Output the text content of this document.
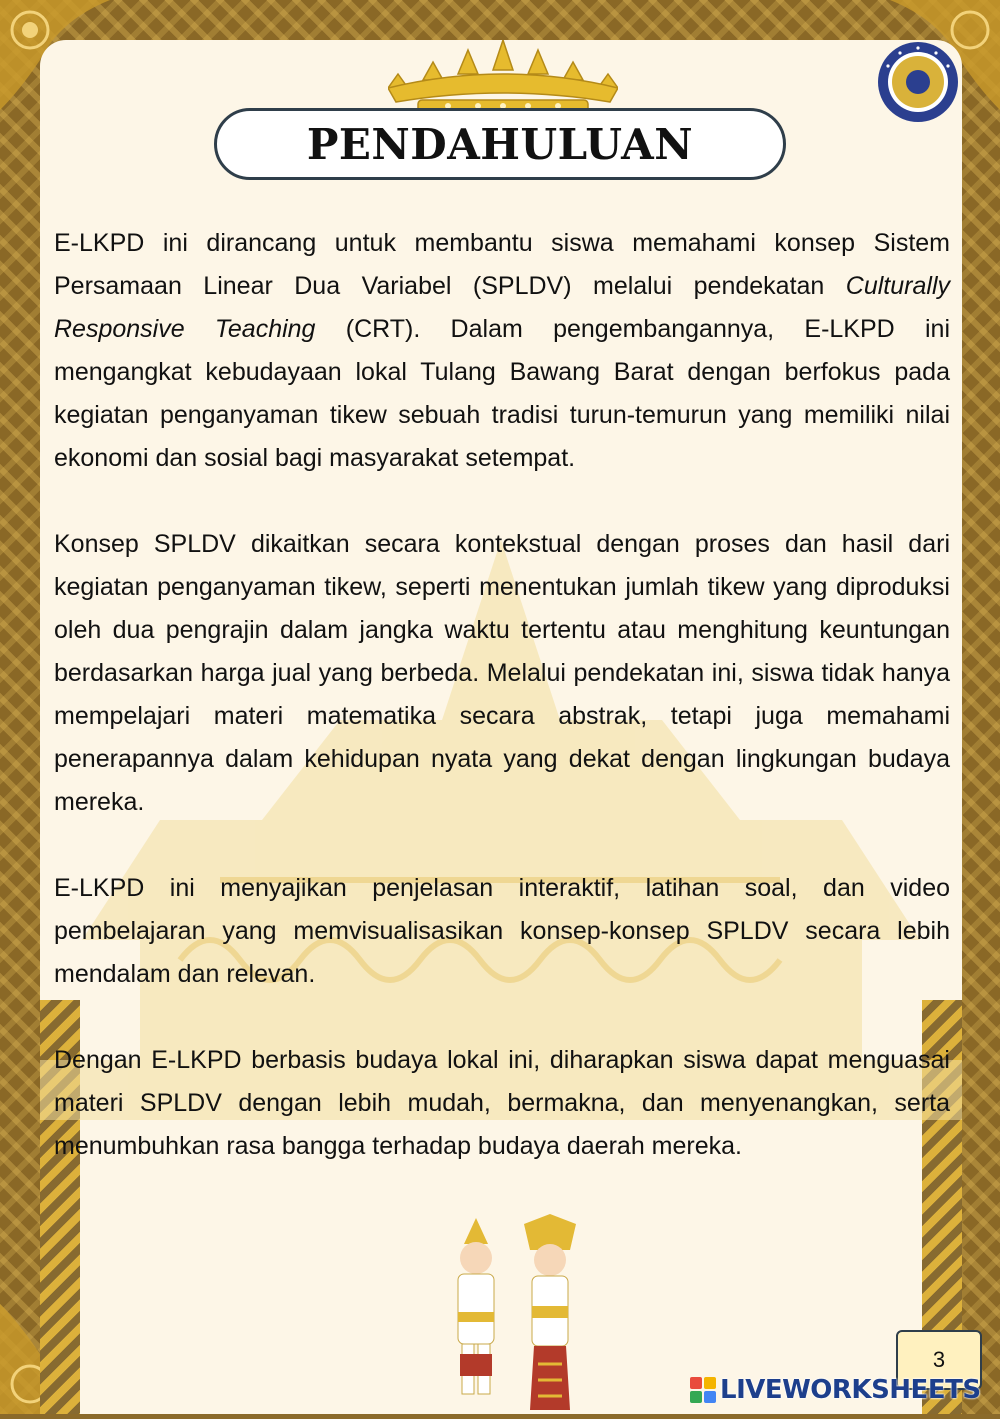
PENDAHULUAN

E-LKPD ini dirancang untuk membantu siswa memahami konsep Sistem Persamaan Linear Dua Variabel (SPLDV) melalui pendekatan Culturally Responsive Teaching (CRT). Dalam pengembangannya, E-LKPD ini mengangkat kebudayaan lokal Tulang Bawang Barat dengan berfokus pada kegiatan penganyaman tikew sebuah tradisi turun-temurun yang memiliki nilai ekonomi dan sosial bagi masyarakat setempat.

Konsep SPLDV dikaitkan secara kontekstual dengan proses dan hasil dari kegiatan penganyaman tikew, seperti menentukan jumlah tikew yang diproduksi oleh dua pengrajin dalam jangka waktu tertentu atau menghitung keuntungan berdasarkan harga jual yang berbeda. Melalui pendekatan ini, siswa tidak hanya mempelajari materi matematika secara abstrak, tetapi juga memahami penerapannya dalam kehidupan nyata yang dekat dengan lingkungan budaya mereka.

E-LKPD ini menyajikan penjelasan interaktif, latihan soal, dan video pembelajaran yang memvisualisasikan konsep-konsep SPLDV secara lebih mendalam dan relevan.

Dengan E-LKPD berbasis budaya lokal ini, diharapkan siswa dapat menguasai materi SPLDV dengan lebih mudah, bermakna, dan menyenangkan, serta menumbuhkan rasa bangga terhadap budaya daerah mereka.

3
LIVEWORKSHEETS
